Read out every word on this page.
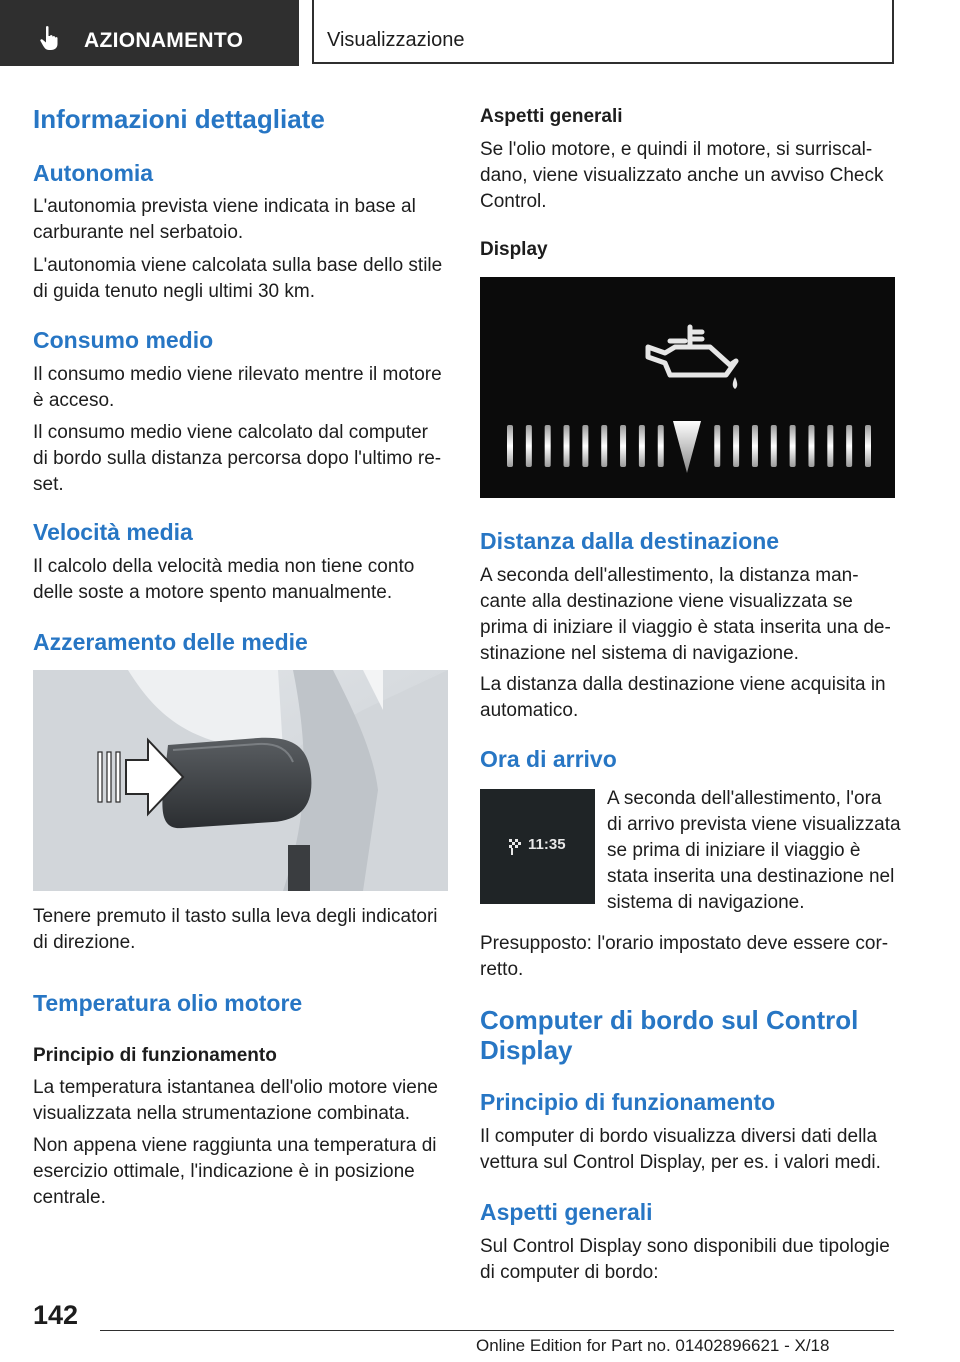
AZIONAMENTO	Visualizzazione
Informazioni dettagliate
Autonomia

L'autonomia prevista viene indicata in base al

carburante nel serbatoio.

L'autonomia viene calcolata sulla base dello stile

di guida tenuto negli ultimi 30 km.

Consumo medio

Il consumo medio viene rilevato mentre il motore

è acceso.

Il consumo medio viene calcolato dal computer

di bordo sulla distanza percorsa dopo l'ultimo re-

set.

Velocità media

Il calcolo della velocità media non tiene conto

delle soste a motore spento manualmente.

Azzeramento delle medie

Tenere premuto il tasto sulla leva degli indicatori

di direzione.

Temperatura olio motore
Principio di funzionamento

La temperatura istantanea dell'olio motore viene

visualizzata nella strumentazione combinata.

Non appena viene raggiunta una temperatura di

esercizio ottimale, l'indicazione è in posizione

centrale.

Aspetti generali

Se l'olio motore, e quindi il motore, si surriscal-

dano, viene visualizzato anche un avviso Check

Control.

Display
Distanza dalla destinazione

A seconda dell'allestimento, la distanza man-

cante alla destinazione viene visualizzata se

prima di iniziare il viaggio è stata inserita una de-

stinazione nel sistema di navigazione.

La distanza dalla destinazione viene acquisita in

automatico.

Ora di arrivo
11:35

A seconda dell'allestimento, l'ora

di arrivo prevista viene visualizzata

se prima di iniziare il viaggio è

stata inserita una destinazione nel

sistema di navigazione.

Presupposto: l'orario impostato deve essere cor-

retto.

Computer di bordo sul Control
Display
Principio di funzionamento

Il computer di bordo visualizza diversi dati della

vettura sul Control Display, per es. i valori medi.

Aspetti generali

Sul Control Display sono disponibili due tipologie

di computer di bordo:

142
Online Edition for Part no. 01402896621 - X/18
